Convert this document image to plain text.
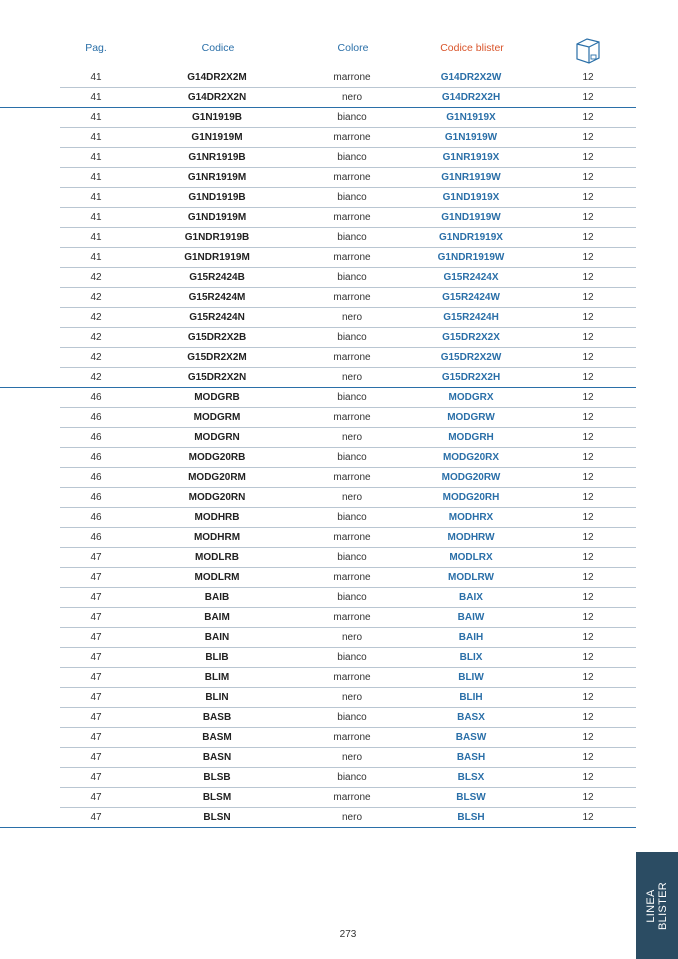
Pag.	Codice	Colore	Codice blister
	41	G14DR2X2M	marrone	G14DR2X2W	12
	41	G14DR2X2N	nero	G14DR2X2H	12
	41	G1N1919B	bianco	G1N1919X	12
	41	G1N1919M	marrone	G1N1919W	12
	41	G1NR1919B	bianco	G1NR1919X	12
	41	G1NR1919M	marrone	G1NR1919W	12
	41	G1ND1919B	bianco	G1ND1919X	12
	41	G1ND1919M	marrone	G1ND1919W	12
	41	G1NDR1919B	bianco	G1NDR1919X	12
	41	G1NDR1919M	marrone	G1NDR1919W	12
	42	G15R2424B	bianco	G15R2424X	12
	42	G15R2424M	marrone	G15R2424W	12
	42	G15R2424N	nero	G15R2424H	12
	42	G15DR2X2B	bianco	G15DR2X2X	12
	42	G15DR2X2M	marrone	G15DR2X2W	12
	42	G15DR2X2N	nero	G15DR2X2H	12
	46	MODGRB	bianco	MODGRX	12
	46	MODGRM	marrone	MODGRW	12
	46	MODGRN	nero	MODGRH	12
	46	MODG20RB	bianco	MODG20RX	12
	46	MODG20RM	marrone	MODG20RW	12
	46	MODG20RN	nero	MODG20RH	12
	46	MODHRB	bianco	MODHRX	12
	46	MODHRM	marrone	MODHRW	12
	47	MODLRB	bianco	MODLRX	12
	47	MODLRM	marrone	MODLRW	12
	47	BAIB	bianco	BAIX	12
	47	BAIM	marrone	BAIW	12
	47	BAIN	nero	BAIH	12
	47	BLIB	bianco	BLIX	12
	47	BLIM	marrone	BLIW	12
	47	BLIN	nero	BLIH	12
	47	BASB	bianco	BASX	12
	47	BASM	marrone	BASW	12
	47	BASN	nero	BASH	12
	47	BLSB	bianco	BLSX	12
	47	BLSM	marrone	BLSW	12
	47	BLSN	nero	BLSH	12
LINEA BLISTER
273
